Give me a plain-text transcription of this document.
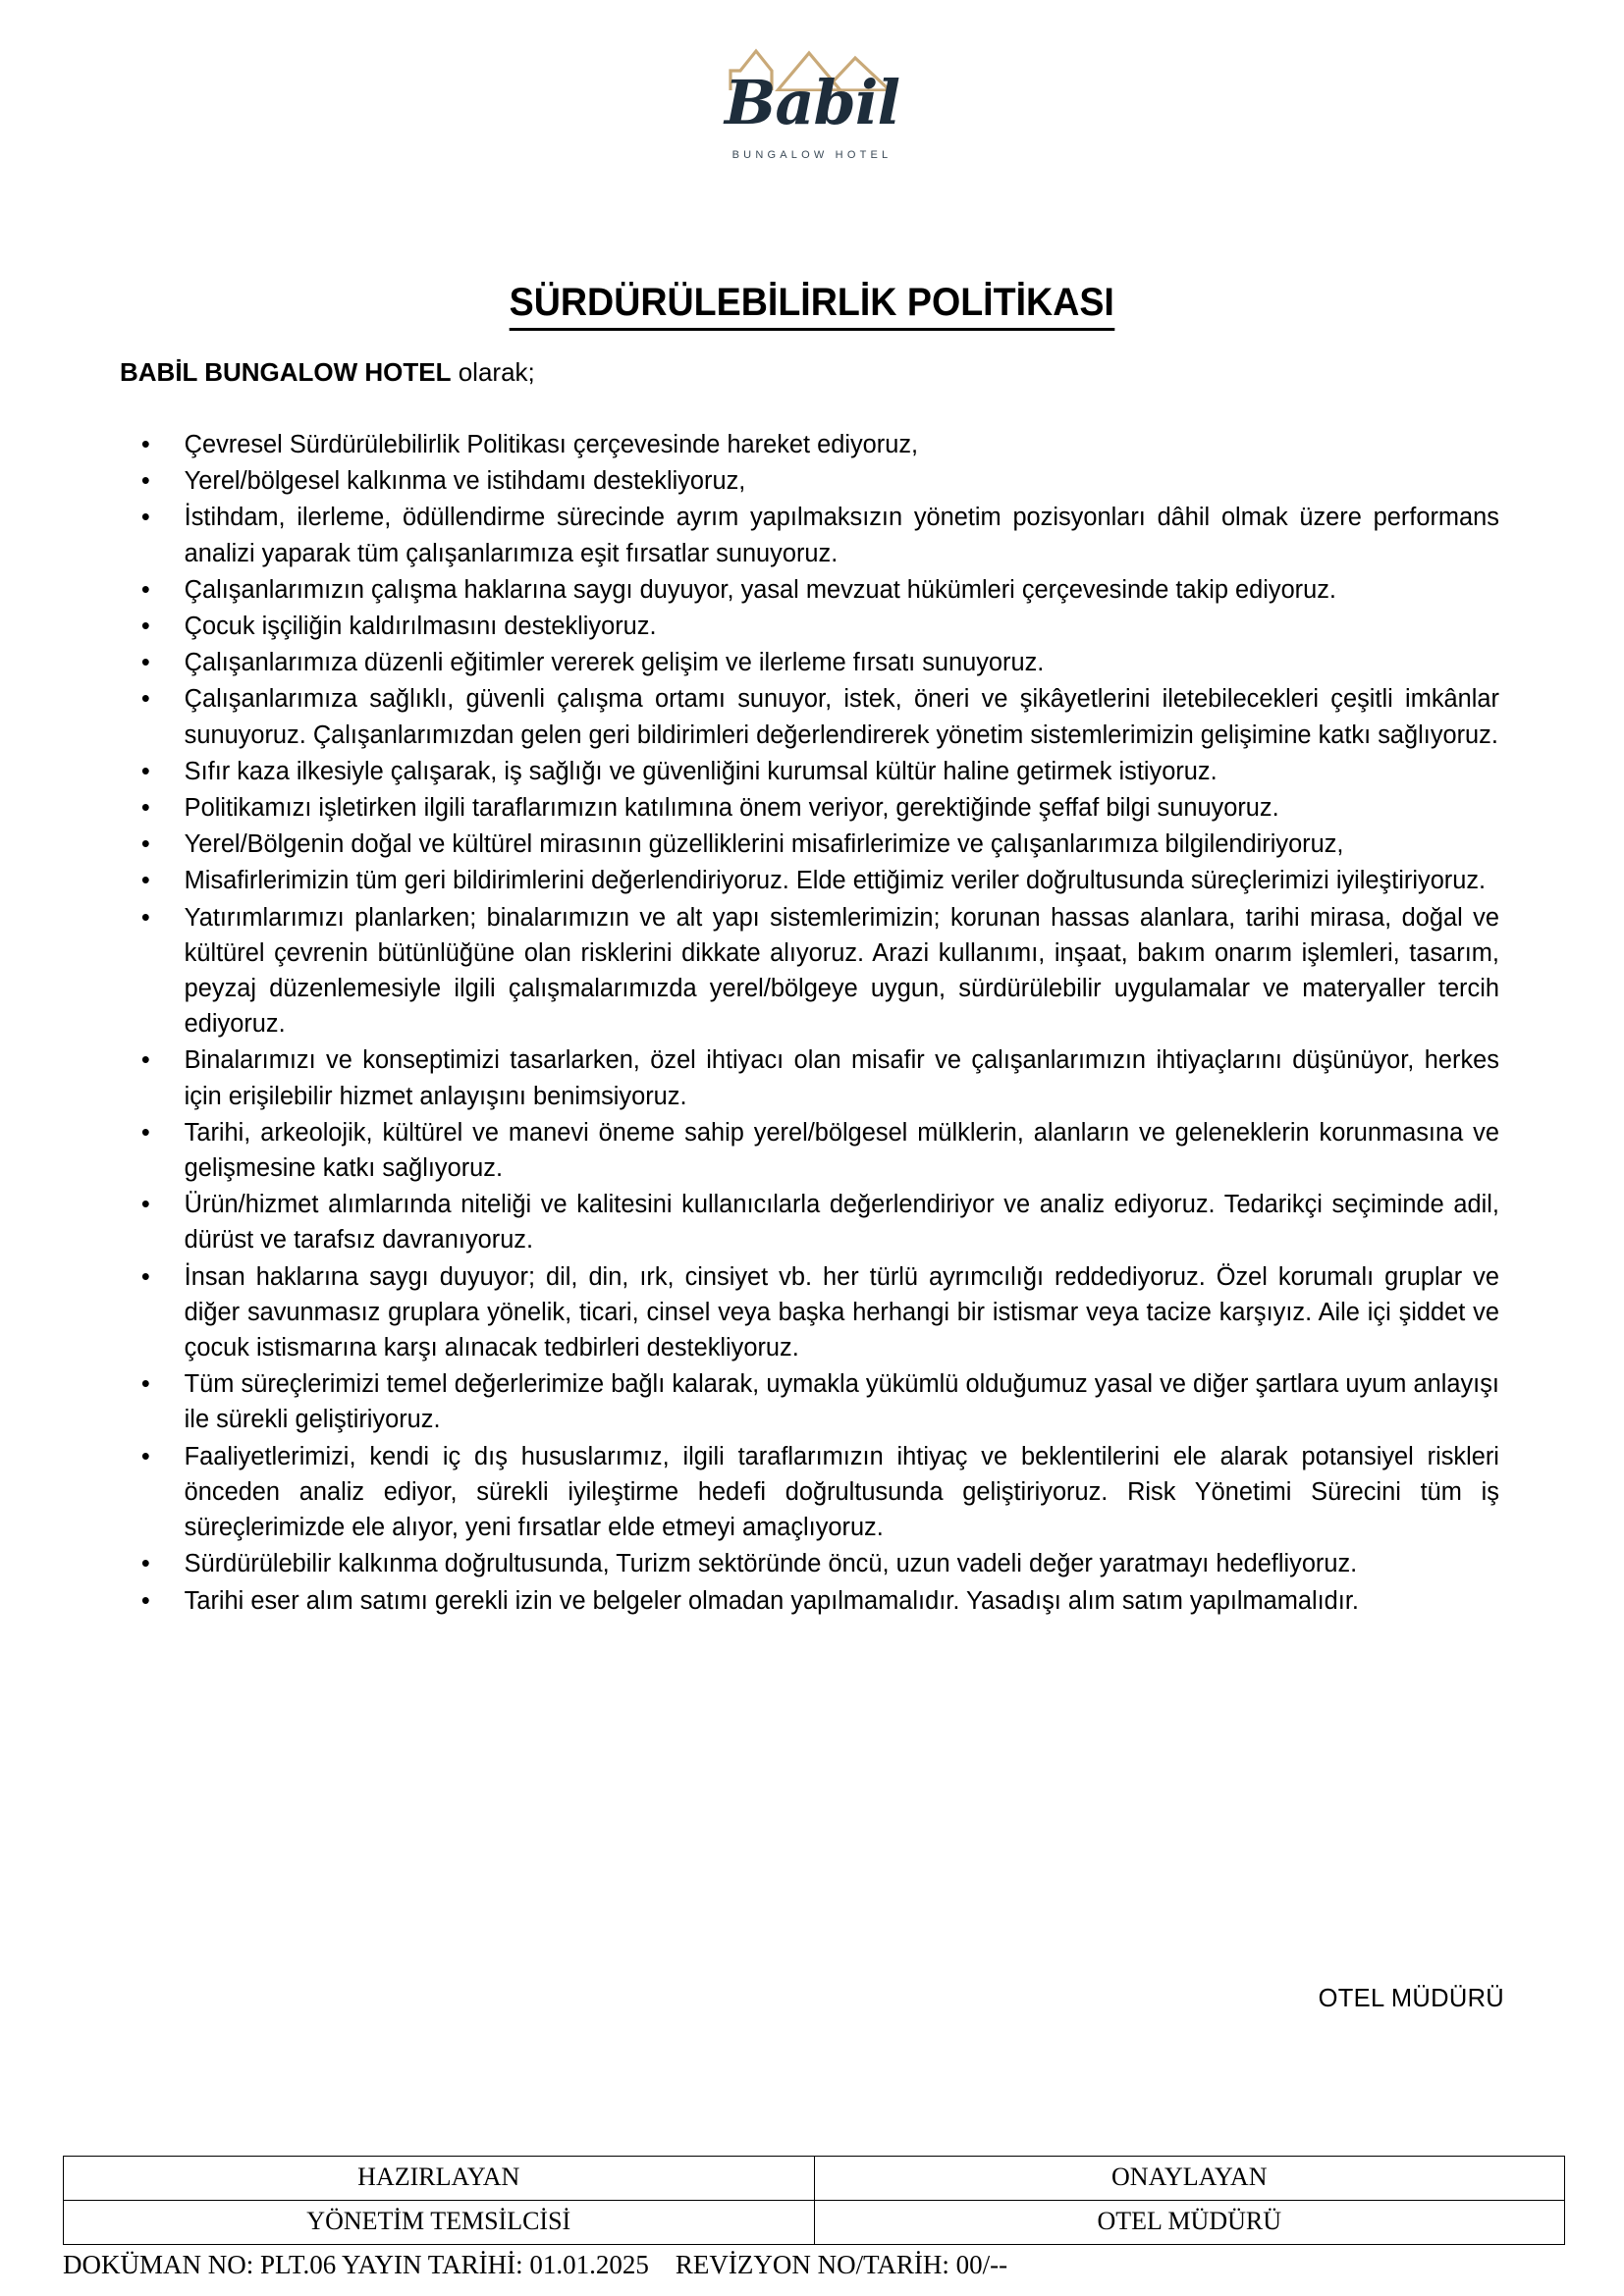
Babil
BUNGALOW HOTEL
SÜRDÜRÜLEBİLİRLİK POLİTİKASI
BABİL BUNGALOW HOTEL olarak;
• Çevresel Sürdürülebilirlik Politikası çerçevesinde hareket ediyoruz,
• Yerel/bölgesel kalkınma ve istihdamı destekliyoruz,
• İstihdam, ilerleme, ödüllendirme sürecinde ayrım yapılmaksızın yönetim pozisyonları dâhil olmak üzere performans analizi yaparak tüm çalışanlarımıza eşit fırsatlar sunuyoruz.
• Çalışanlarımızın çalışma haklarına saygı duyuyor, yasal mevzuat hükümleri çerçevesinde takip ediyoruz.
• Çocuk işçiliğin kaldırılmasını destekliyoruz.
• Çalışanlarımıza düzenli eğitimler vererek gelişim ve ilerleme fırsatı sunuyoruz.
• Çalışanlarımıza sağlıklı, güvenli çalışma ortamı sunuyor, istek, öneri ve şikâyetlerini iletebilecekleri çeşitli imkânlar sunuyoruz. Çalışanlarımızdan gelen geri bildirimleri değerlendirerek yönetim sistemlerimizin gelişimine katkı sağlıyoruz.
• Sıfır kaza ilkesiyle çalışarak, iş sağlığı ve güvenliğini kurumsal kültür haline getirmek istiyoruz.
• Politikamızı işletirken ilgili taraflarımızın katılımına önem veriyor, gerektiğinde şeffaf bilgi sunuyoruz.
• Yerel/Bölgenin doğal ve kültürel mirasının güzelliklerini misafirlerimize ve çalışanlarımıza bilgilendiriyoruz,
• Misafirlerimizin tüm geri bildirimlerini değerlendiriyoruz. Elde ettiğimiz veriler doğrultusunda süreçlerimizi iyileştiriyoruz.
• Yatırımlarımızı planlarken; binalarımızın ve alt yapı sistemlerimizin; korunan hassas alanlara, tarihi mirasa, doğal ve kültürel çevrenin bütünlüğüne olan risklerini dikkate alıyoruz. Arazi kullanımı, inşaat, bakım onarım işlemleri, tasarım, peyzaj düzenlemesiyle ilgili çalışmalarımızda yerel/bölgeye uygun, sürdürülebilir uygulamalar ve materyaller tercih ediyoruz.
• Binalarımızı ve konseptimizi tasarlarken, özel ihtiyacı olan misafir ve çalışanlarımızın ihtiyaçlarını düşünüyor, herkes için erişilebilir hizmet anlayışını benimsiyoruz.
• Tarihi, arkeolojik, kültürel ve manevi öneme sahip yerel/bölgesel mülklerin, alanların ve geleneklerin korunmasına ve gelişmesine katkı sağlıyoruz.
• Ürün/hizmet alımlarında niteliği ve kalitesini kullanıcılarla değerlendiriyor ve analiz ediyoruz. Tedarikçi seçiminde adil, dürüst ve tarafsız davranıyoruz.
• İnsan haklarına saygı duyuyor; dil, din, ırk, cinsiyet vb. her türlü ayrımcılığı reddediyoruz. Özel korumalı gruplar ve diğer savunmasız gruplara yönelik, ticari, cinsel veya başka herhangi bir istismar veya tacize karşıyız. Aile içi şiddet ve çocuk istismarına karşı alınacak tedbirleri destekliyoruz.
• Tüm süreçlerimizi temel değerlerimize bağlı kalarak, uymakla yükümlü olduğumuz yasal ve diğer şartlara uyum anlayışı ile sürekli geliştiriyoruz.
• Faaliyetlerimizi, kendi iç dış hususlarımız, ilgili taraflarımızın ihtiyaç ve beklentilerini ele alarak potansiyel riskleri önceden analiz ediyor, sürekli iyileştirme hedefi doğrultusunda geliştiriyoruz. Risk Yönetimi Sürecini tüm iş süreçlerimizde ele alıyor, yeni fırsatlar elde etmeyi amaçlıyoruz.
• Sürdürülebilir kalkınma doğrultusunda, Turizm sektöründe öncü, uzun vadeli değer yaratmayı hedefliyoruz.
• Tarihi eser alım satımı gerekli izin ve belgeler olmadan yapılmamalıdır. Yasadışı alım satım yapılmamalıdır.
OTEL MÜDÜRÜ
HAZIRLAYAN	ONAYLAYAN
YÖNETİM TEMSİLCİSİ	OTEL MÜDÜRÜ
DOKÜMAN NO: PLT.06 YAYIN TARİHİ: 01.01.2025    REVİZYON NO/TARİH: 00/--
